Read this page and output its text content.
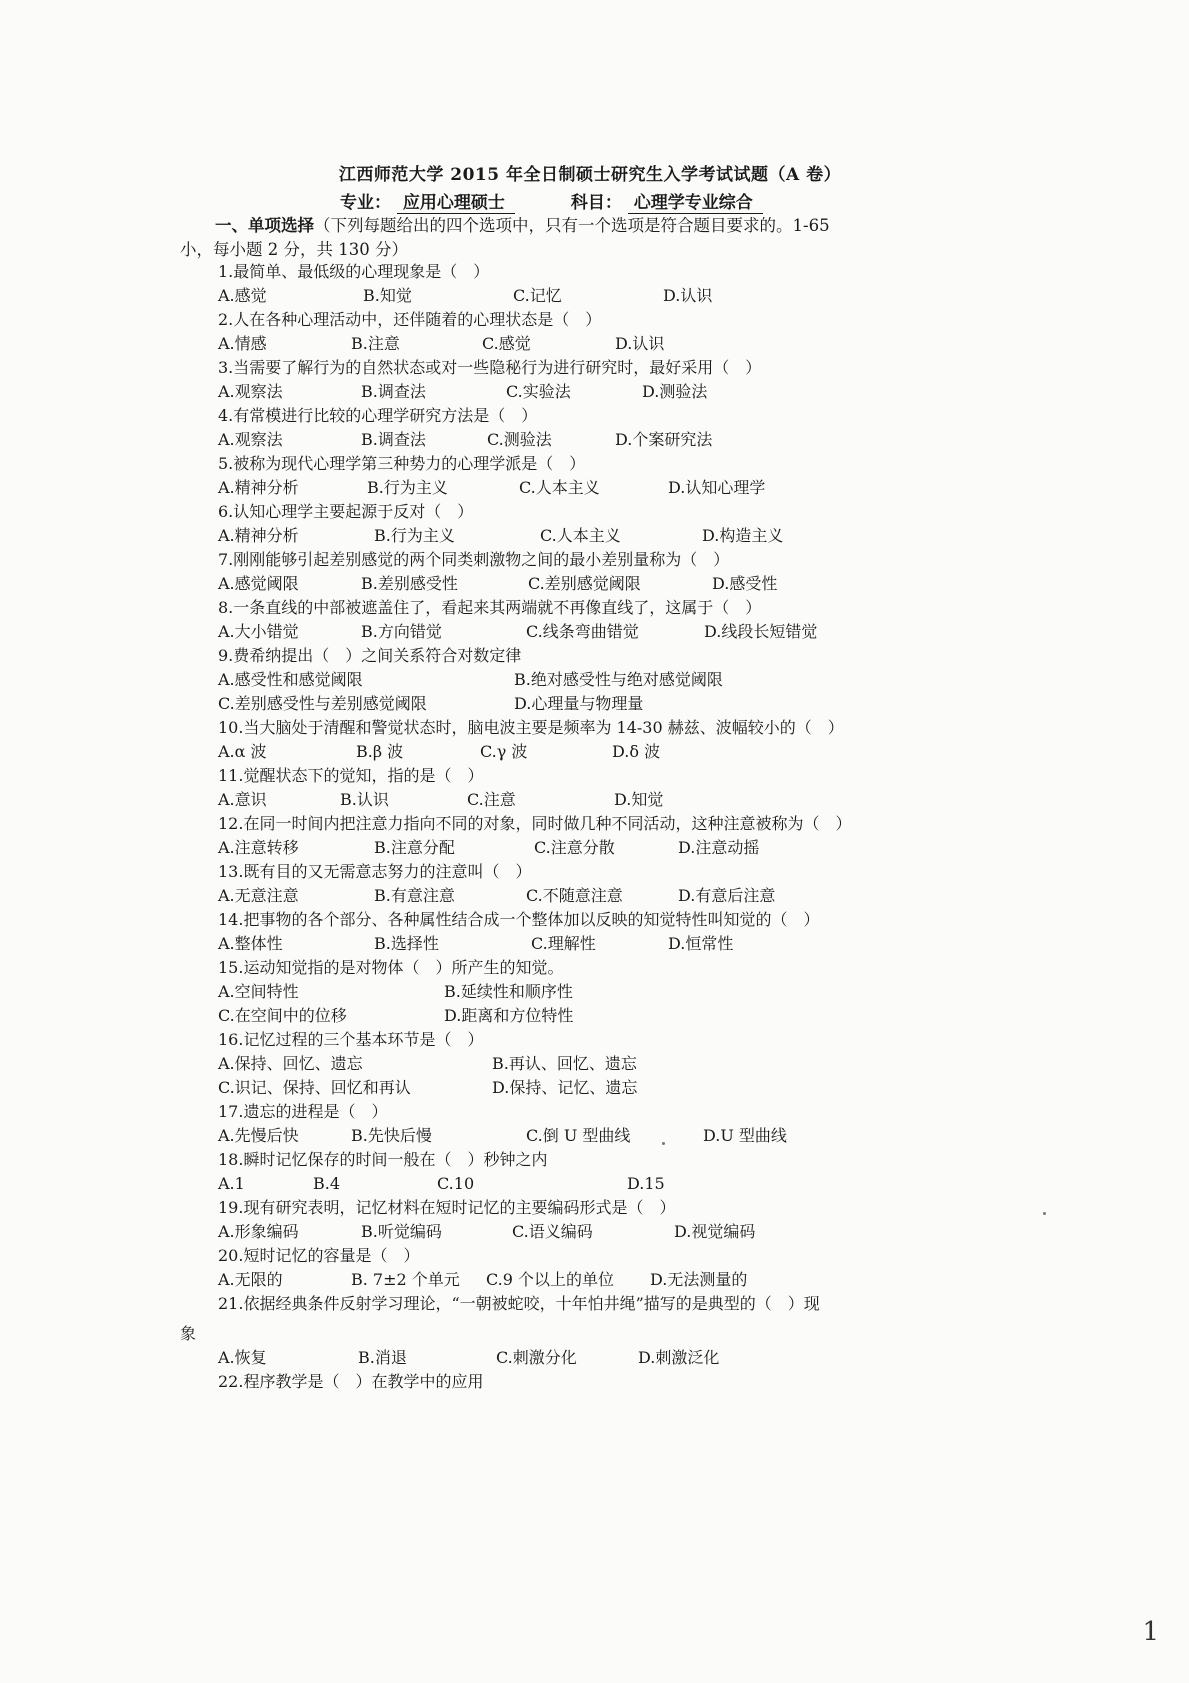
江西师范大学 2015 年全日制硕士研究生入学考试试题（A 卷）
专业： 应用心理硕士	科目： 心理学专业综合
一、单项选择（下列每题给出的四个选项中，只有一个选项是符合题目要求的。1-65
小，每小题 2 分，共 130 分）
1.最简单、最低级的心理现象是（　）
A.感觉	B.知觉	C.记忆	D.认识
2.人在各种心理活动中，还伴随着的心理状态是（　）
A.情感	B.注意	C.感觉	D.认识
3.当需要了解行为的自然状态或对一些隐秘行为进行研究时，最好采用（　）
A.观察法	B.调查法	C.实验法	D.测验法
4.有常模进行比较的心理学研究方法是（　）
A.观察法	B.调查法	C.测验法	D.个案研究法
5.被称为现代心理学第三种势力的心理学派是（　）
A.精神分析	B.行为主义	C.人本主义	D.认知心理学
6.认知心理学主要起源于反对（　）
A.精神分析	B.行为主义	C.人本主义	D.构造主义
7.刚刚能够引起差别感觉的两个同类刺激物之间的最小差别量称为（　）
A.感觉阈限	B.差别感受性	C.差别感觉阈限	D.感受性
8.一条直线的中部被遮盖住了，看起来其两端就不再像直线了，这属于（　）
A.大小错觉	B.方向错觉	C.线条弯曲错觉	D.线段长短错觉
9.费希纳提出（　）之间关系符合对数定律
A.感受性和感觉阈限	B.绝对感受性与绝对感觉阈限
C.差别感受性与差别感觉阈限	D.心理量与物理量
10.当大脑处于清醒和警觉状态时，脑电波主要是频率为 14-30 赫兹、波幅较小的（　）
A.α 波	B.β 波	C.γ 波	D.δ 波
11.觉醒状态下的觉知，指的是（　）
A.意识	B.认识	C.注意	D.知觉
12.在同一时间内把注意力指向不同的对象，同时做几种不同活动，这种注意被称为（　）
A.注意转移	B.注意分配	C.注意分散	D.注意动摇
13.既有目的又无需意志努力的注意叫（　）
A.无意注意	B.有意注意	C.不随意注意	D.有意后注意
14.把事物的各个部分、各种属性结合成一个整体加以反映的知觉特性叫知觉的（　）
A.整体性	B.选择性	C.理解性	D.恒常性
15.运动知觉指的是对物体（　）所产生的知觉。
A.空间特性	B.延续性和顺序性
C.在空间中的位移	D.距离和方位特性
16.记忆过程的三个基本环节是（　）
A.保持、回忆、遗忘	B.再认、回忆、遗忘
C.识记、保持、回忆和再认	D.保持、记忆、遗忘
17.遗忘的进程是（　）
A.先慢后快	B.先快后慢	C.倒 U 型曲线	D.U 型曲线
18.瞬时记忆保存的时间一般在（　）秒钟之内
A.1	B.4	C.10	D.15
19.现有研究表明，记忆材料在短时记忆的主要编码形式是（　）
A.形象编码	B.听觉编码	C.语义编码	D.视觉编码
20.短时记忆的容量是（　）
A.无限的	B. 7±2 个单元 C.9 个以上的单位 D.无法测量的
21.依据经典条件反射学习理论，“一朝被蛇咬，十年怕井绳”描写的是典型的（　）现
象
A.恢复	B.消退	C.刺激分化	D.刺激泛化
22.程序教学是（　）在教学中的应用
1
